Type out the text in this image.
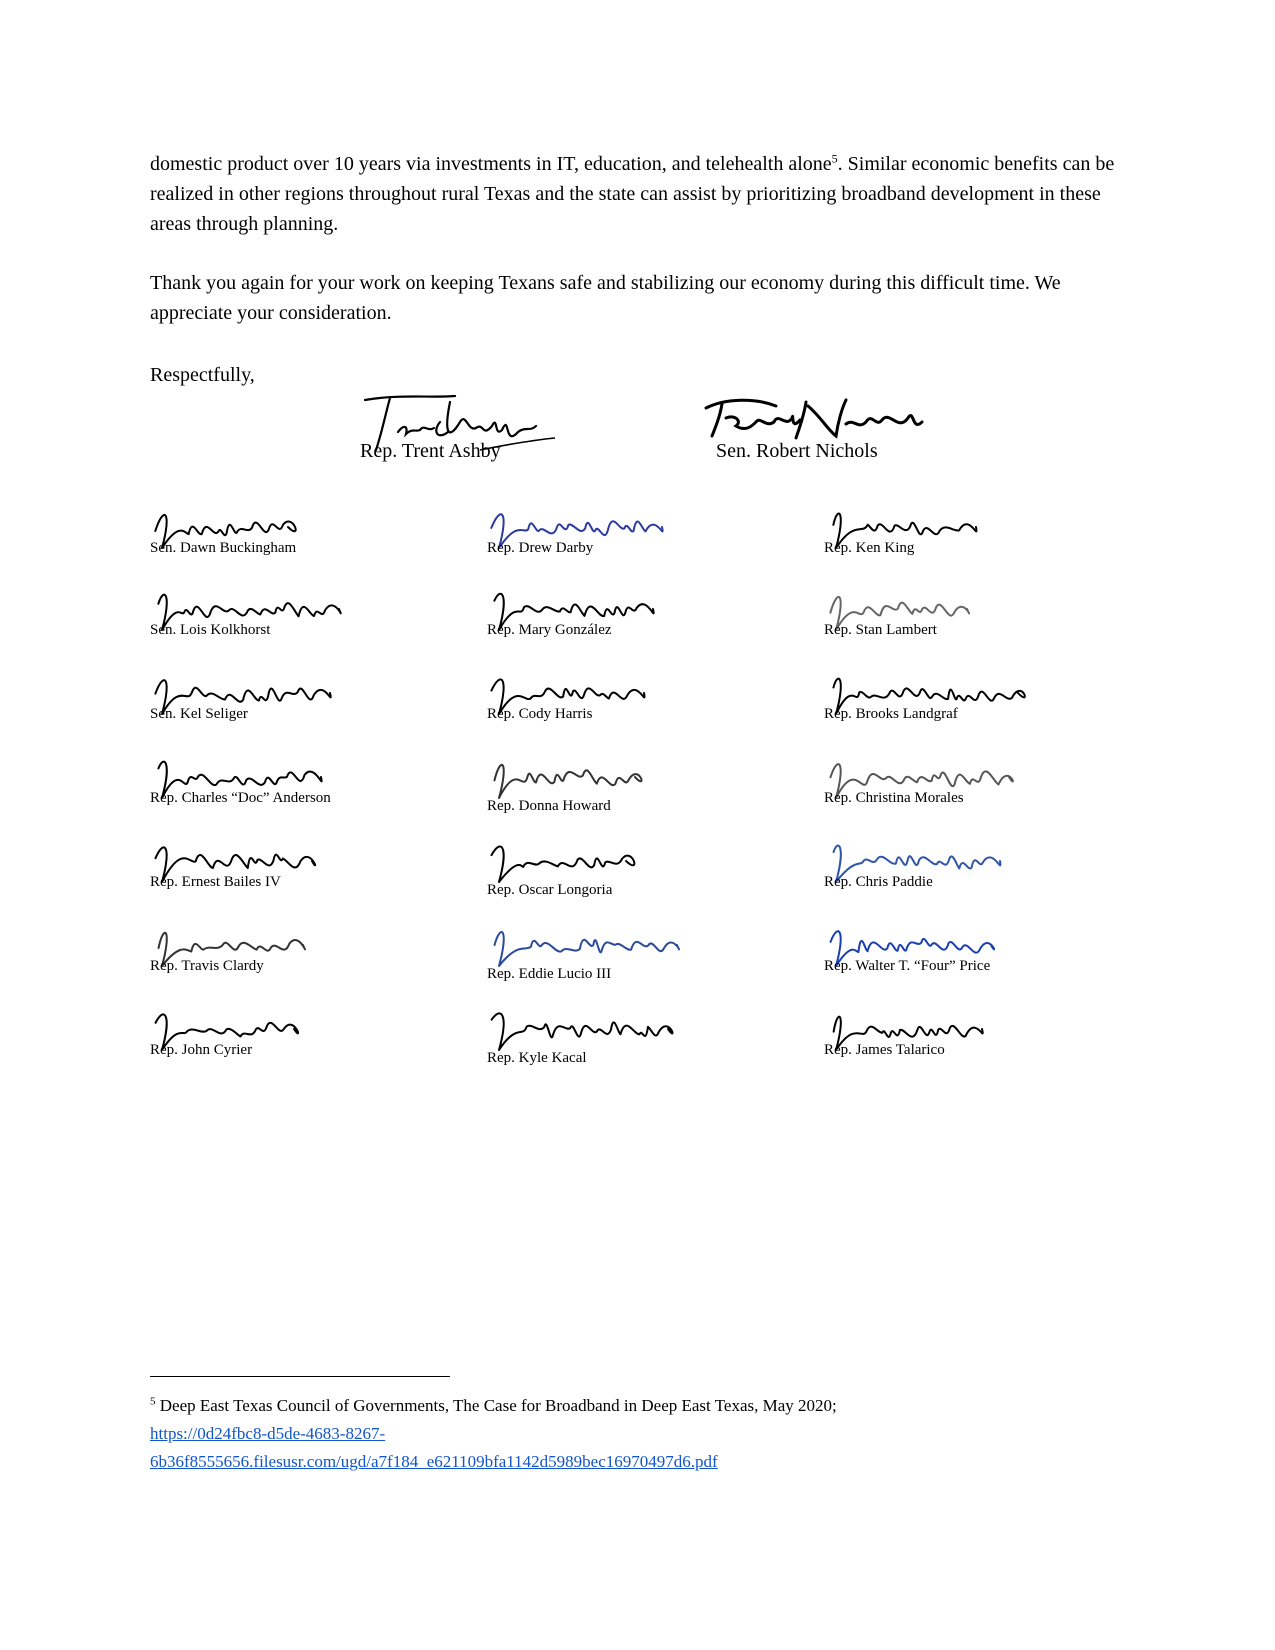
domestic product over 10 years via investments in IT, education, and telehealth alone$^5$. Similar economic benefits can be realized in other regions throughout rural Texas and the state can assist by prioritizing broadband development in these areas through planning.

Thank you again for your work on keeping Texans safe and stabilizing our economy during this difficult time. We appreciate your consideration.

Respectfully,

Rep. Trent Ashby	Sen. Robert Nichols
Sen. Dawn Buckingham	Rep. Drew Darby	Rep. Ken King
Sen. Lois Kolkhorst	Rep. Mary González	Rep. Stan Lambert
Sen. Kel Seliger	Rep. Cody Harris	Rep. Brooks Landgraf
Rep. Charles “Doc” Anderson	Rep. Donna Howard	Rep. Christina Morales
Rep. Ernest Bailes IV	Rep. Oscar Longoria	Rep. Chris Paddie
Rep. Travis Clardy	Rep. Eddie Lucio III	Rep. Walter T. “Four” Price
Rep. John Cyrier	Rep. Kyle Kacal	Rep. James Talarico
$^5$ Deep East Texas Council of Governments, The Case for Broadband in Deep East Texas, May 2020;
https://0d24fbc8-d5de-4683-8267-
6b36f8555656.filesusr.com/ugd/a7f184_e621109bfa1142d5989bec16970497d6.pdf
